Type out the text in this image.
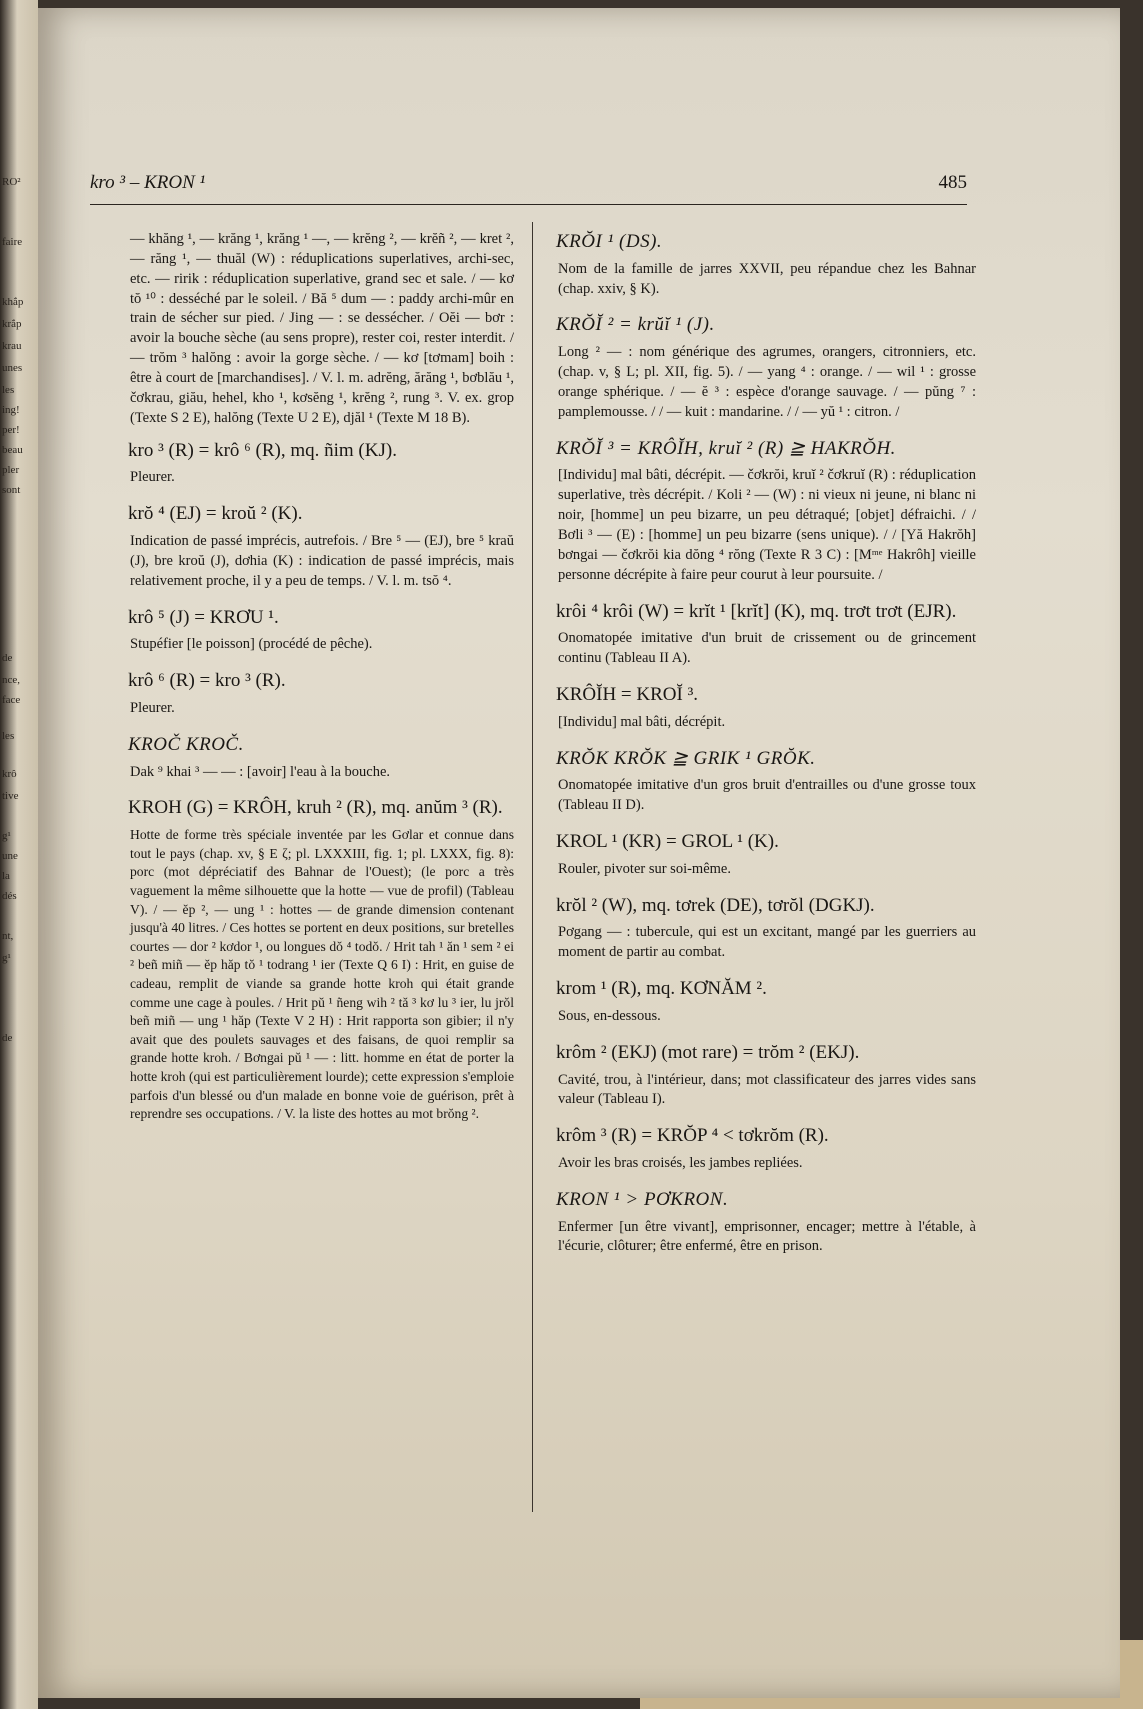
RO²
faire
khắp
krắp
krau
unes
les
ing!
per!
beau
pler
sont
de
nce,
face
les
krô
tive
g¹
une
la
dés
nt,
g¹
de
kro ³ – KRON ¹	485
— khăng ¹, — krăng ¹, krăng ¹ —, — krĕng ², — krĕñ ², — kret ², — răng ¹, — thuăl (W) : réduplications superlatives, archi-sec, etc. — ririk : réduplication superlative, grand sec et sale. / — kơ tŏ ¹⁰ : desséché par le soleil. / Bă ⁵ dum — : paddy archi-mûr en train de sécher sur pied. / Jing — : se dessécher. / Oĕi — bơr : avoir la bouche sèche (au sens propre), rester coi, rester interdit. / — trŏm ³ halŏng : avoir la gorge sèche. / — kơ [tơmam] boih : être à court de [marchandises]. / V. l. m. adrĕng, ărăng ¹, bơblău ¹, čơkrau, giău, hehel, kho ¹, kơsĕng ¹, krĕng ², rung ³. V. ex. grop (Texte S 2 E), halŏng (Texte U 2 E), djăl ¹ (Texte M 18 B).
kro ³ (R) = krô ⁶ (R), mq. ñim (KJ).
Pleurer.
krŏ ⁴ (EJ) = kroŭ ² (K).
Indication de passé imprécis, autrefois. / Bre ⁵ — (EJ), bre ⁵ kraŭ (J), bre kroŭ (J), dơhia (K) : indication de passé imprécis, mais relativement proche, il y a peu de temps. / V. l. m. tsŏ ⁴.
krô ⁵ (J) = KRƠU ¹.
Stupéfier [le poisson] (procédé de pêche).
krô ⁶ (R) = kro ³ (R).
Pleurer.
KROČ KROČ.
Dak ⁹ khai ³ — — : [avoir] l'eau à la bouche.
KROH (G) = KRÔH, kruh ² (R), mq. anŭm ³ (R).
Hotte de forme très spéciale inventée par les Gơlar et connue dans tout le pays (chap. xv, § E ζ; pl. LXXXIII, fig. 1; pl. LXXX, fig. 8): porc (mot dépréciatif des Bahnar de l'Ouest); (le porc a très vaguement la même silhouette que la hotte — vue de profil) (Tableau V). / — ĕp ², — ung ¹ : hottes — de grande dimension contenant jusqu'à 40 litres. / Ces hottes se portent en deux positions, sur bretelles courtes — dor ² kơdor ¹, ou longues dŏ ⁴ todŏ. / Hrit tah ¹ ăn ¹ sem ² ei ² beñ miñ — ĕp hăp tŏ ¹ todrang ¹ ier (Texte Q 6 I) : Hrit, en guise de cadeau, remplit de viande sa grande hotte kroh qui était grande comme une cage à poules. / Hrit pŭ ¹ ñeng wih ² tă ³ kơ lu ³ ier, lu jrŏl beñ miñ — ung ¹ hăp (Texte V 2 H) : Hrit rapporta son gibier; il n'y avait que des poulets sauvages et des faisans, de quoi remplir sa grande hotte kroh. / Bơngai pŭ ¹ — : litt. homme en état de porter la hotte kroh (qui est particulièrement lourde); cette expression s'emploie parfois d'un blessé ou d'un malade en bonne voie de guérison, prêt à reprendre ses occupations. / V. la liste des hottes au mot brŏng ².
KRŎI ¹ (DS).
Nom de la famille de jarres XXVII, peu répandue chez les Bahnar (chap. xxiv, § K).
KRŎĬ ² = krŭĭ ¹ (J).
Long ² — : nom générique des agrumes, orangers, citronniers, etc. (chap. v, § L; pl. XII, fig. 5). / — yang ⁴ : orange. / — wil ¹ : grosse orange sphérique. / — ĕ ³ : espèce d'orange sauvage. / — pŭng ⁷ : pamplemousse. / / — kuit : mandarine. / / — yŭ ¹ : citron. /
KRŎĬ ³ = KRÔĬH, kruĭ ² (R) ≧ HAKRŎH.
[Individu] mal bâti, décrépit. — čơkrŏi, kruĭ ² čơkruĭ (R) : réduplication superlative, très décrépit. / Koli ² — (W) : ni vieux ni jeune, ni blanc ni noir, [homme] un peu bizarre, un peu détraqué; [objet] défraichi. / / Bơli ³ — (E) : [homme] un peu bizarre (sens unique). / / [Yă Hakrŏh] bơngai — čơkrŏi kia dŏng ⁴ rŏng (Texte R 3 C) : [Mᵐᵉ Hakrôh] vieille personne décrépite à faire peur courut à leur poursuite. /
krôi ⁴ krôi (W) = krĭt ¹ [krĭt] (K), mq. trơt trơt (EJR).
Onomatopée imitative d'un bruit de crissement ou de grincement continu (Tableau II A).
KRÔĬH = KROĬ ³.
[Individu] mal bâti, décrépit.
KRŎK KRŎK ≧ GRIK ¹ GRŎK.
Onomatopée imitative d'un gros bruit d'entrailles ou d'une grosse toux (Tableau II D).
KROL ¹ (KR) = GROL ¹ (K).
Rouler, pivoter sur soi-même.
krŏl ² (W), mq. tơrek (DE), tơrŏl (DGKJ).
Pơgang — : tubercule, qui est un excitant, mangé par les guerriers au moment de partir au combat.
krom ¹ (R), mq. KƠNĂM ².
Sous, en-dessous.
krôm ² (EKJ) (mot rare) = trŏm ² (EKJ).
Cavité, trou, à l'intérieur, dans; mot classificateur des jarres vides sans valeur (Tableau I).
krôm ³ (R) = KRŎP ⁴ < tơkrŏm (R).
Avoir les bras croisés, les jambes repliées.
KRON ¹ > PƠKRON.
Enfermer [un être vivant], emprisonner, encager; mettre à l'étable, à l'écurie, clôturer; être enfermé, être en prison.
